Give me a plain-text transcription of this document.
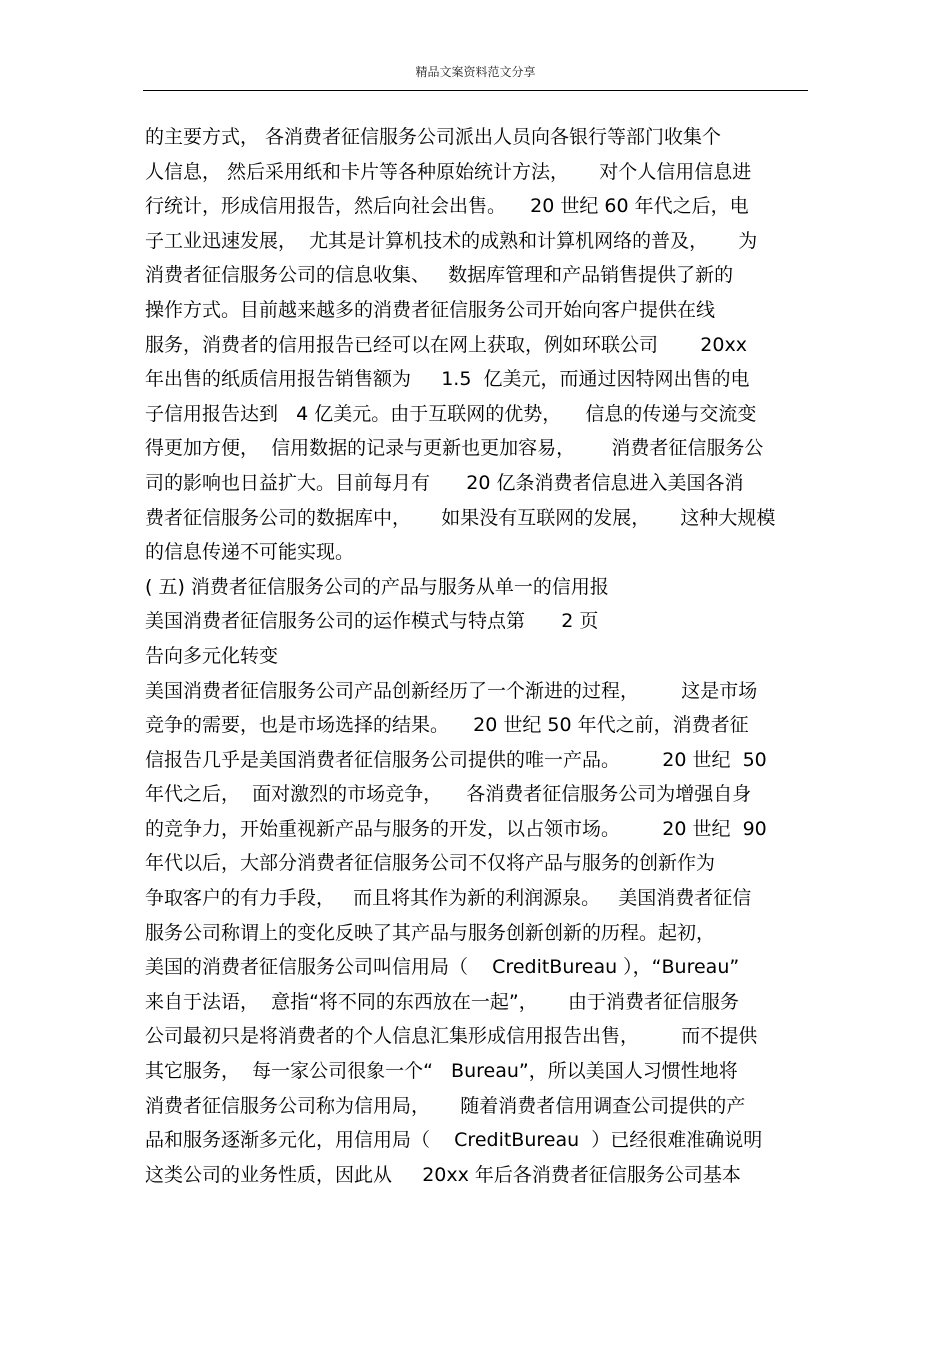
精品文案资料范文分享
的主要方式， 各消费者征信服务公司派出人员向各银行等部门收集个
人信息， 然后采用纸和卡片等各种原始统计方法，     对个人信用信息进
行统计，形成信用报告，然后向社会出售。    20 世纪 60 年代之后，电
子工业迅速发展，  尤其是计算机技术的成熟和计算机网络的普及，     为
消费者征信服务公司的信息收集、   数据库管理和产品销售提供了新的
操作方式。目前越来越多的消费者征信服务公司开始向客户提供在线
服务，消费者的信用报告已经可以在网上获取，例如环联公司       20xx
年出售的纸质信用报告销售额为     1.5  亿美元，而通过因特网出售的电
子信用报告达到   4 亿美元。由于互联网的优势，    信息的传递与交流变
得更加方便，  信用数据的记录与更新也更加容易，      消费者征信服务公
司的影响也日益扩大。目前每月有      20 亿条消费者信息进入美国各消
费者征信服务公司的数据库中，     如果没有互联网的发展，     这种大规模
的信息传递不可能实现。
( 五) 消费者征信服务公司的产品与服务从单一的信用报
美国消费者征信服务公司的运作模式与特点第      2 页
告向多元化转变
美国消费者征信服务公司产品创新经历了一个渐进的过程，       这是市场
竞争的需要，也是市场选择的结果。    20 世纪 50 年代之前，消费者征
信报告几乎是美国消费者征信服务公司提供的唯一产品。       20 世纪  50
年代之后，  面对激烈的市场竞争，    各消费者征信服务公司为增强自身
的竞争力，开始重视新产品与服务的开发，以占领市场。       20 世纪  90
年代以后，大部分消费者征信服务公司不仅将产品与服务的创新作为
争取客户的有力手段，   而且将其作为新的利润源泉。   美国消费者征信
服务公司称谓上的变化反映了其产品与服务创新创新的历程。起初，
美国的消费者征信服务公司叫信用局（    CreditBureau ），“Bureau”
来自于法语，  意指“将不同的东西放在一起”，     由于消费者征信服务
公司最初只是将消费者的个人信息汇集形成信用报告出售，       而不提供
其它服务，  每一家公司很象一个“   Bureau”，所以美国人习惯性地将
消费者征信服务公司称为信用局，     随着消费者信用调查公司提供的产
品和服务逐渐多元化，用信用局（    CreditBureau  ）已经很难准确说明
这类公司的业务性质，因此从     20xx 年后各消费者征信服务公司基本
